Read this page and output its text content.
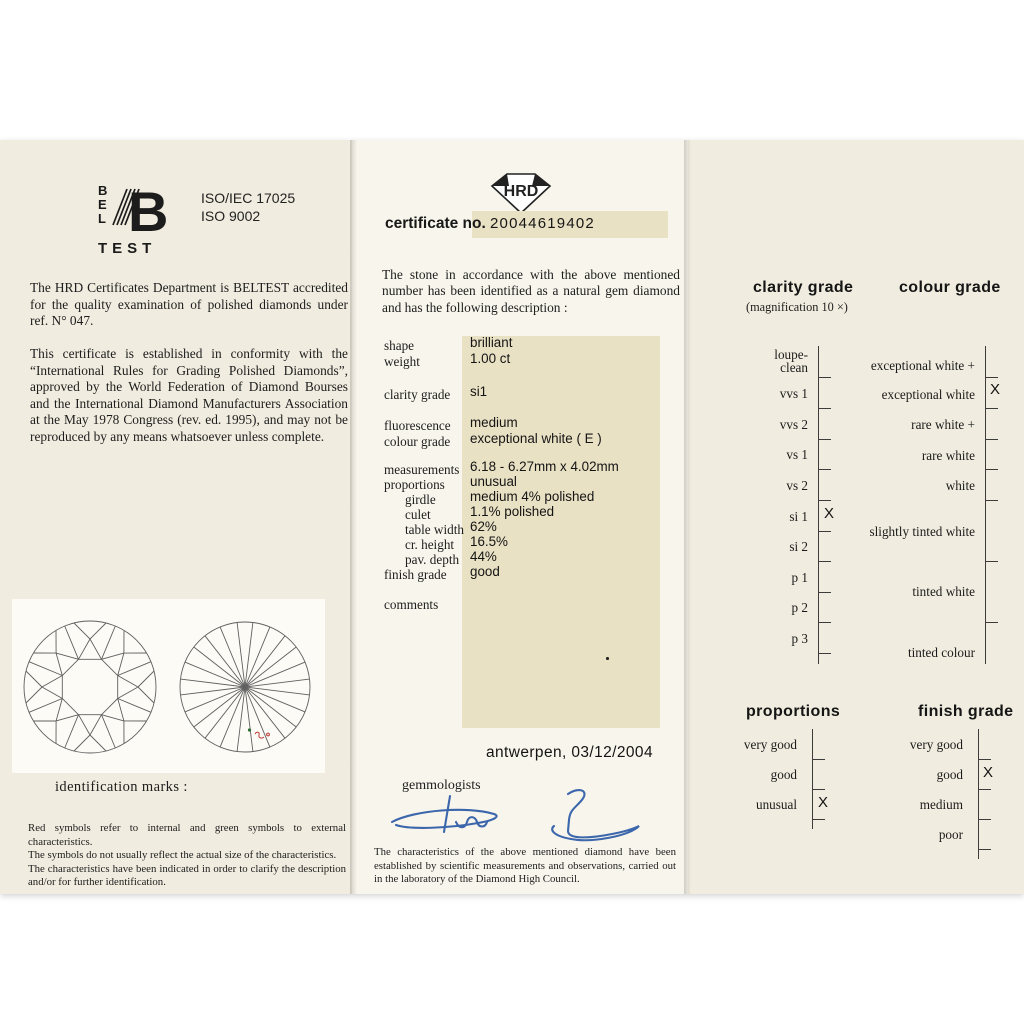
B
E
L B
TEST
ISO/IEC 17025
ISO 9002
The HRD Certificates Department is BELTEST accredited for the quality examination of polished diamonds under ref. N° 047.
This certificate is established in conformity with the “International Rules for Grading Polished Diamonds”, approved by the World Federation of Diamond Bourses and the International Diamond Manufacturers Association at the May 1978 Congress (rev. ed. 1995), and may not be reproduced by any means whatsoever unless complete.
identification marks :
Red symbols refer to internal and green symbols to external characteristics.
The symbols do not usually reflect the actual size of the characteristics.
The characteristics have been indicated in order to clarify the description and/or for further identification.
HRD
certificate no. 20044619402
The stone in accordance with the above mentioned number has been identified as a natural gem diamond and has the following description :
shape
weight
clarity grade
fluorescence
colour grade
measurements
proportions
girdle
culet
table width
cr. height
pav. depth
finish grade
comments
brilliant
1.00 ct
si1
medium
exceptional white ( E )
6.18 - 6.27mm x 4.02mm
unusual
medium 4% polished
1.1% polished
62%
16.5%
44%
good
antwerpen, 03/12/2004
gemmologists
The characteristics of the above mentioned diamond have been established by scientific measurements and observations, carried out in the laboratory of the Diamond High Council.
clarity grade
(magnification 10 ×)
colour grade
loupe-
clean
vvs 1
vvs 2
vs 1
vs 2
si 1
si 2
p 1
p 2
p 3
X
exceptional white +
exceptional white
rare white +
rare white
white
slightly tinted white
tinted white
tinted colour
X
proportions
very good
good
unusual X
finish grade
very good
good
medium
poor
X
